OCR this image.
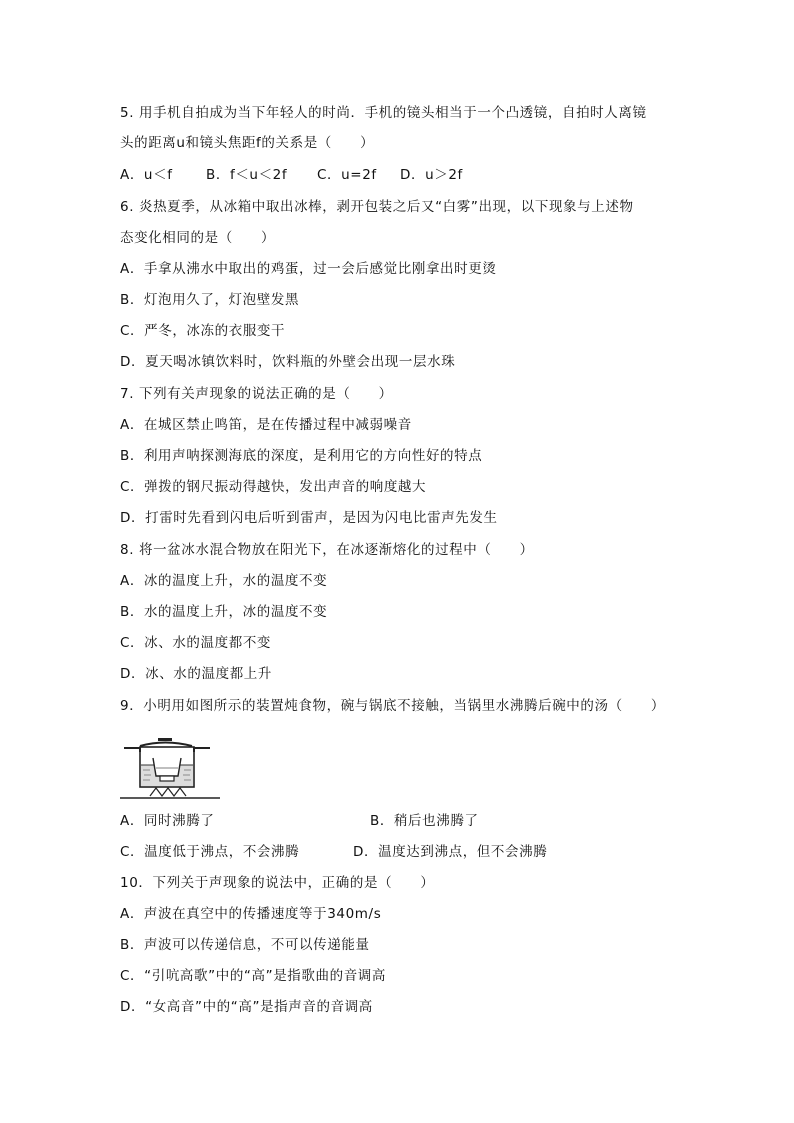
5. 用手机自拍成为当下年轻人的时尚．手机的镜头相当于一个凸透镜，自拍时人离镜
头的距离u和镜头焦距f的关系是（　　）
A．u＜f B．f＜u＜2f C．u=2f D．u＞2f
6. 炎热夏季，从冰箱中取出冰棒，剥开包装之后又“白雾”出现，以下现象与上述物
态变化相同的是（　　）
A．手拿从沸水中取出的鸡蛋，过一会后感觉比刚拿出时更烫
B．灯泡用久了，灯泡壁发黑
C．严冬，冰冻的衣服变干
D．夏天喝冰镇饮料时，饮料瓶的外壁会出现一层水珠
7. 下列有关声现象的说法正确的是（　　）
A．在城区禁止鸣笛，是在传播过程中减弱噪音
B．利用声呐探测海底的深度，是利用它的方向性好的特点
C．弹拨的钢尺振动得越快，发出声音的响度越大
D．打雷时先看到闪电后听到雷声，是因为闪电比雷声先发生
8. 将一盆冰水混合物放在阳光下，在冰逐渐熔化的过程中（　　）
A．冰的温度上升，水的温度不变
B．水的温度上升，冰的温度不变
C．冰、水的温度都不变
D．冰、水的温度都上升
9．小明用如图所示的装置炖食物，碗与锅底不接触，当锅里水沸腾后碗中的汤（　　）
A．同时沸腾了	B．稍后也沸腾了
C．温度低于沸点，不会沸腾	D．温度达到沸点，但不会沸腾
10．下列关于声现象的说法中，正确的是（　　）
A．声波在真空中的传播速度等于340m/s
B．声波可以传递信息，不可以传递能量
C．“引吭高歌”中的“高”是指歌曲的音调高
D．“女高音”中的“高”是指声音的音调高
